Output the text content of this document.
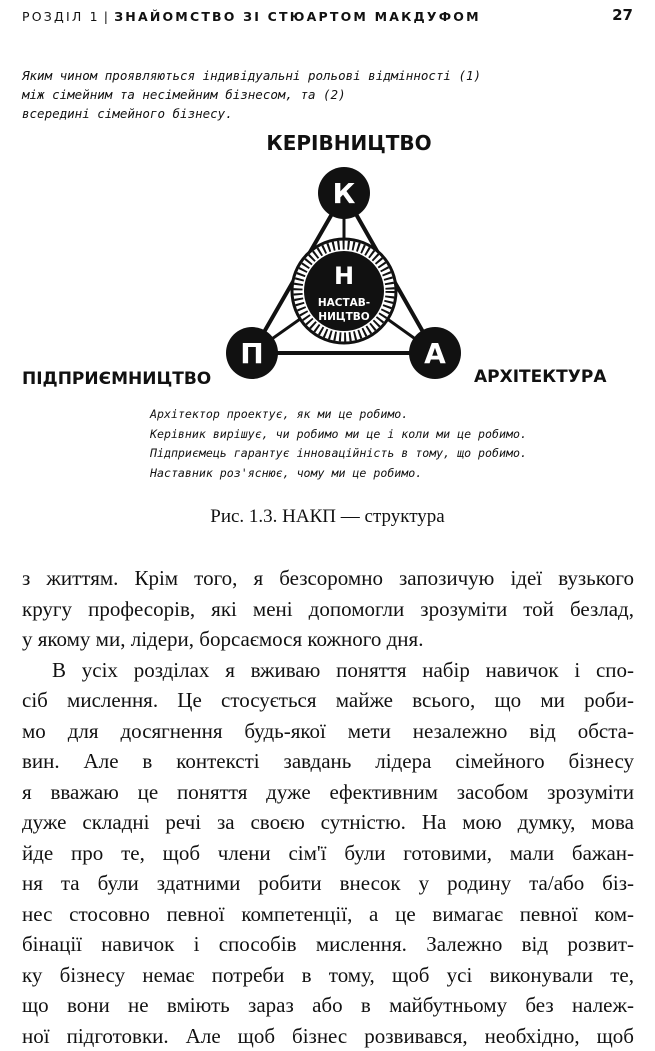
РОЗДІЛ 1 | ЗНАЙОМСТВО ЗІ СТЮАРТОМ МАКДУФОМ	27
Яким чином проявляються індивідуальні рольові відмінності (1)
між сімейним та несімейним бізнесом, та (2)
всередині сімейного бізнесу.
Н
НАСТАВ-
НИЦТВО
К
П	А
КЕРІВНИЦТВО
ПІДПРИЄМНИЦТВО	АРХІТЕКТУРА
Архітектор проектує, як ми це робимо.
Керівник вирішує, чи робимо ми це і коли ми це робимо.
Підприємець гарантує інноваційність в тому, що робимо.
Наставник роз'яснює, чому ми це робимо.
Рис. 1.3. НАКП — структура
з життям. Крім того, я безсоромно запозичую ідеї вузького
кругу професорів, які мені допомогли зрозуміти той безлад,
у якому ми, лідери, борсаємося кожного дня.
В усіх розділах я вживаю поняття набір навичок і спо-
сіб мислення. Це стосується майже всього, що ми роби-
мо для досягнення будь-якої мети незалежно від обста-
вин. Але в контексті завдань лідера сімейного бізнесу
я вважаю це поняття дуже ефективним засобом зрозуміти
дуже складні речі за своєю сутністю. На мою думку, мова
йде про те, щоб члени сім'ї були готовими, мали бажан-
ня та були здатними робити внесок у родину та/або біз-
нес стосовно певної компетенції, а це вимагає певної ком-
бінації навичок і способів мислення. Залежно від розвит-
ку бізнесу немає потреби в тому, щоб усі виконували те,
що вони не вміють зараз або в майбутньому без належ-
ної підготовки. Але щоб бізнес розвивався, необхідно, щоб
